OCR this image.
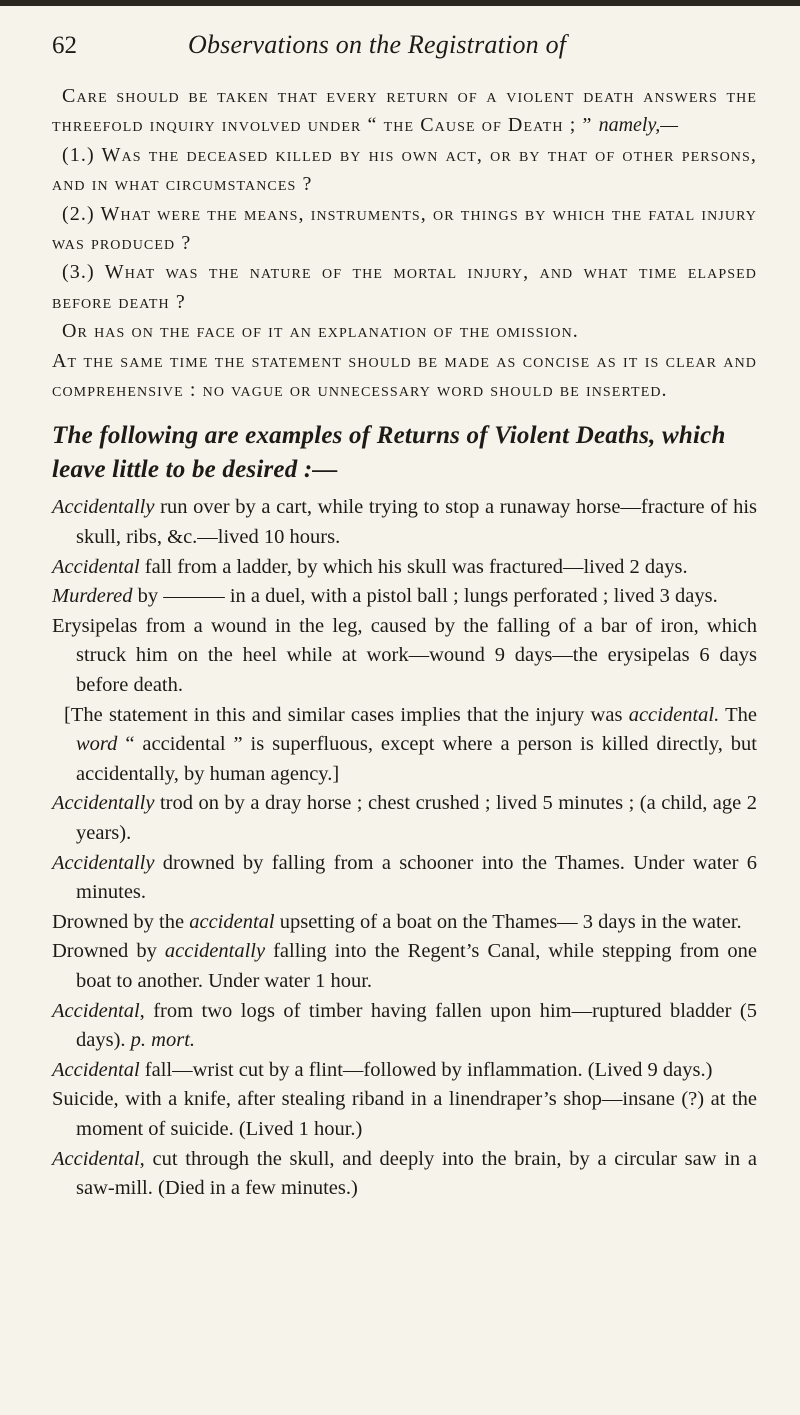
62	Observations on the Registration of

Care should be taken that every return of a violent death answers the threefold inquiry involved under “ the Cause of Death ; ” namely,—

(1.) Was the deceased killed by his own act, or by that of other persons, and in what circumstances ?

(2.) What were the means, instruments, or things by which the fatal injury was produced ?

(3.) What was the nature of the mortal injury, and what time elapsed before death ?

Or has on the face of it an explanation of the omission.

At the same time the statement should be made as concise as it is clear and comprehensive : no vague or unnecessary word should be inserted.

The following are examples of Returns of Violent Deaths, which leave little to be desired :—

Accidentally run over by a cart, while trying to stop a runaway horse—fracture of his skull, ribs, &c.—lived 10 hours.

Accidental fall from a ladder, by which his skull was fractured—lived 2 days.

Murdered by ——— in a duel, with a pistol ball ; lungs perforated ; lived 3 days.

Erysipelas from a wound in the leg, caused by the falling of a bar of iron, which struck him on the heel while at work—wound 9 days—the erysipelas 6 days before death.

[The statement in this and similar cases implies that the injury was accidental. The word “ accidental ” is superfluous, except where a person is killed directly, but accidentally, by human agency.]

Accidentally trod on by a dray horse ; chest crushed ; lived 5 minutes ; (a child, age 2 years).

Accidentally drowned by falling from a schooner into the Thames. Under water 6 minutes.

Drowned by the accidental upsetting of a boat on the Thames— 3 days in the water.

Drowned by accidentally falling into the Regent’s Canal, while stepping from one boat to another. Under water 1 hour.

Accidental, from two logs of timber having fallen upon him—ruptured bladder (5 days). p. mort.

Accidental fall—wrist cut by a flint—followed by inflammation. (Lived 9 days.)

Suicide, with a knife, after stealing riband in a linendraper’s shop—insane (?) at the moment of suicide. (Lived 1 hour.)

Accidental, cut through the skull, and deeply into the brain, by a circular saw in a saw-mill. (Died in a few minutes.)
